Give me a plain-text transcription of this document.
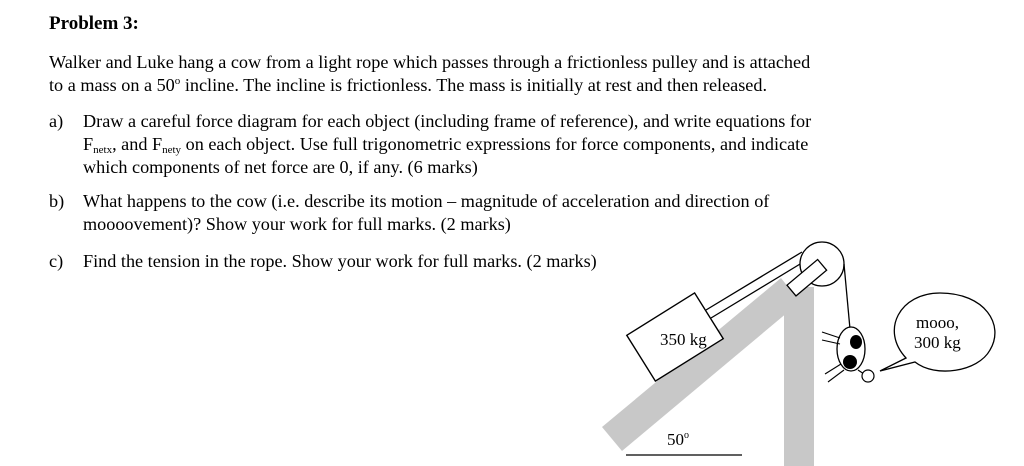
Problem 3:
Walker and Luke hang a cow from a light rope which passes through a frictionless pulley and is attached
to a mass on a 50$^o$ incline. The incline is frictionless. The mass is initially at rest and then released.
a) Draw a careful force diagram for each object (including frame of reference), and write equations for
$F_{netx}$, and $F_{nety}$ on each object. Use full trigonometric expressions for force components, and indicate
which components of net force are 0, if any. (6 marks)
b) What happens to the cow (i.e. describe its motion – magnitude of acceleration and direction of
moooovement)? Show your work for full marks. (2 marks)
c) Find the tension in the rope. Show your work for full marks. (2 marks)
350 kg
mooo,
300 kg
50$^o$
